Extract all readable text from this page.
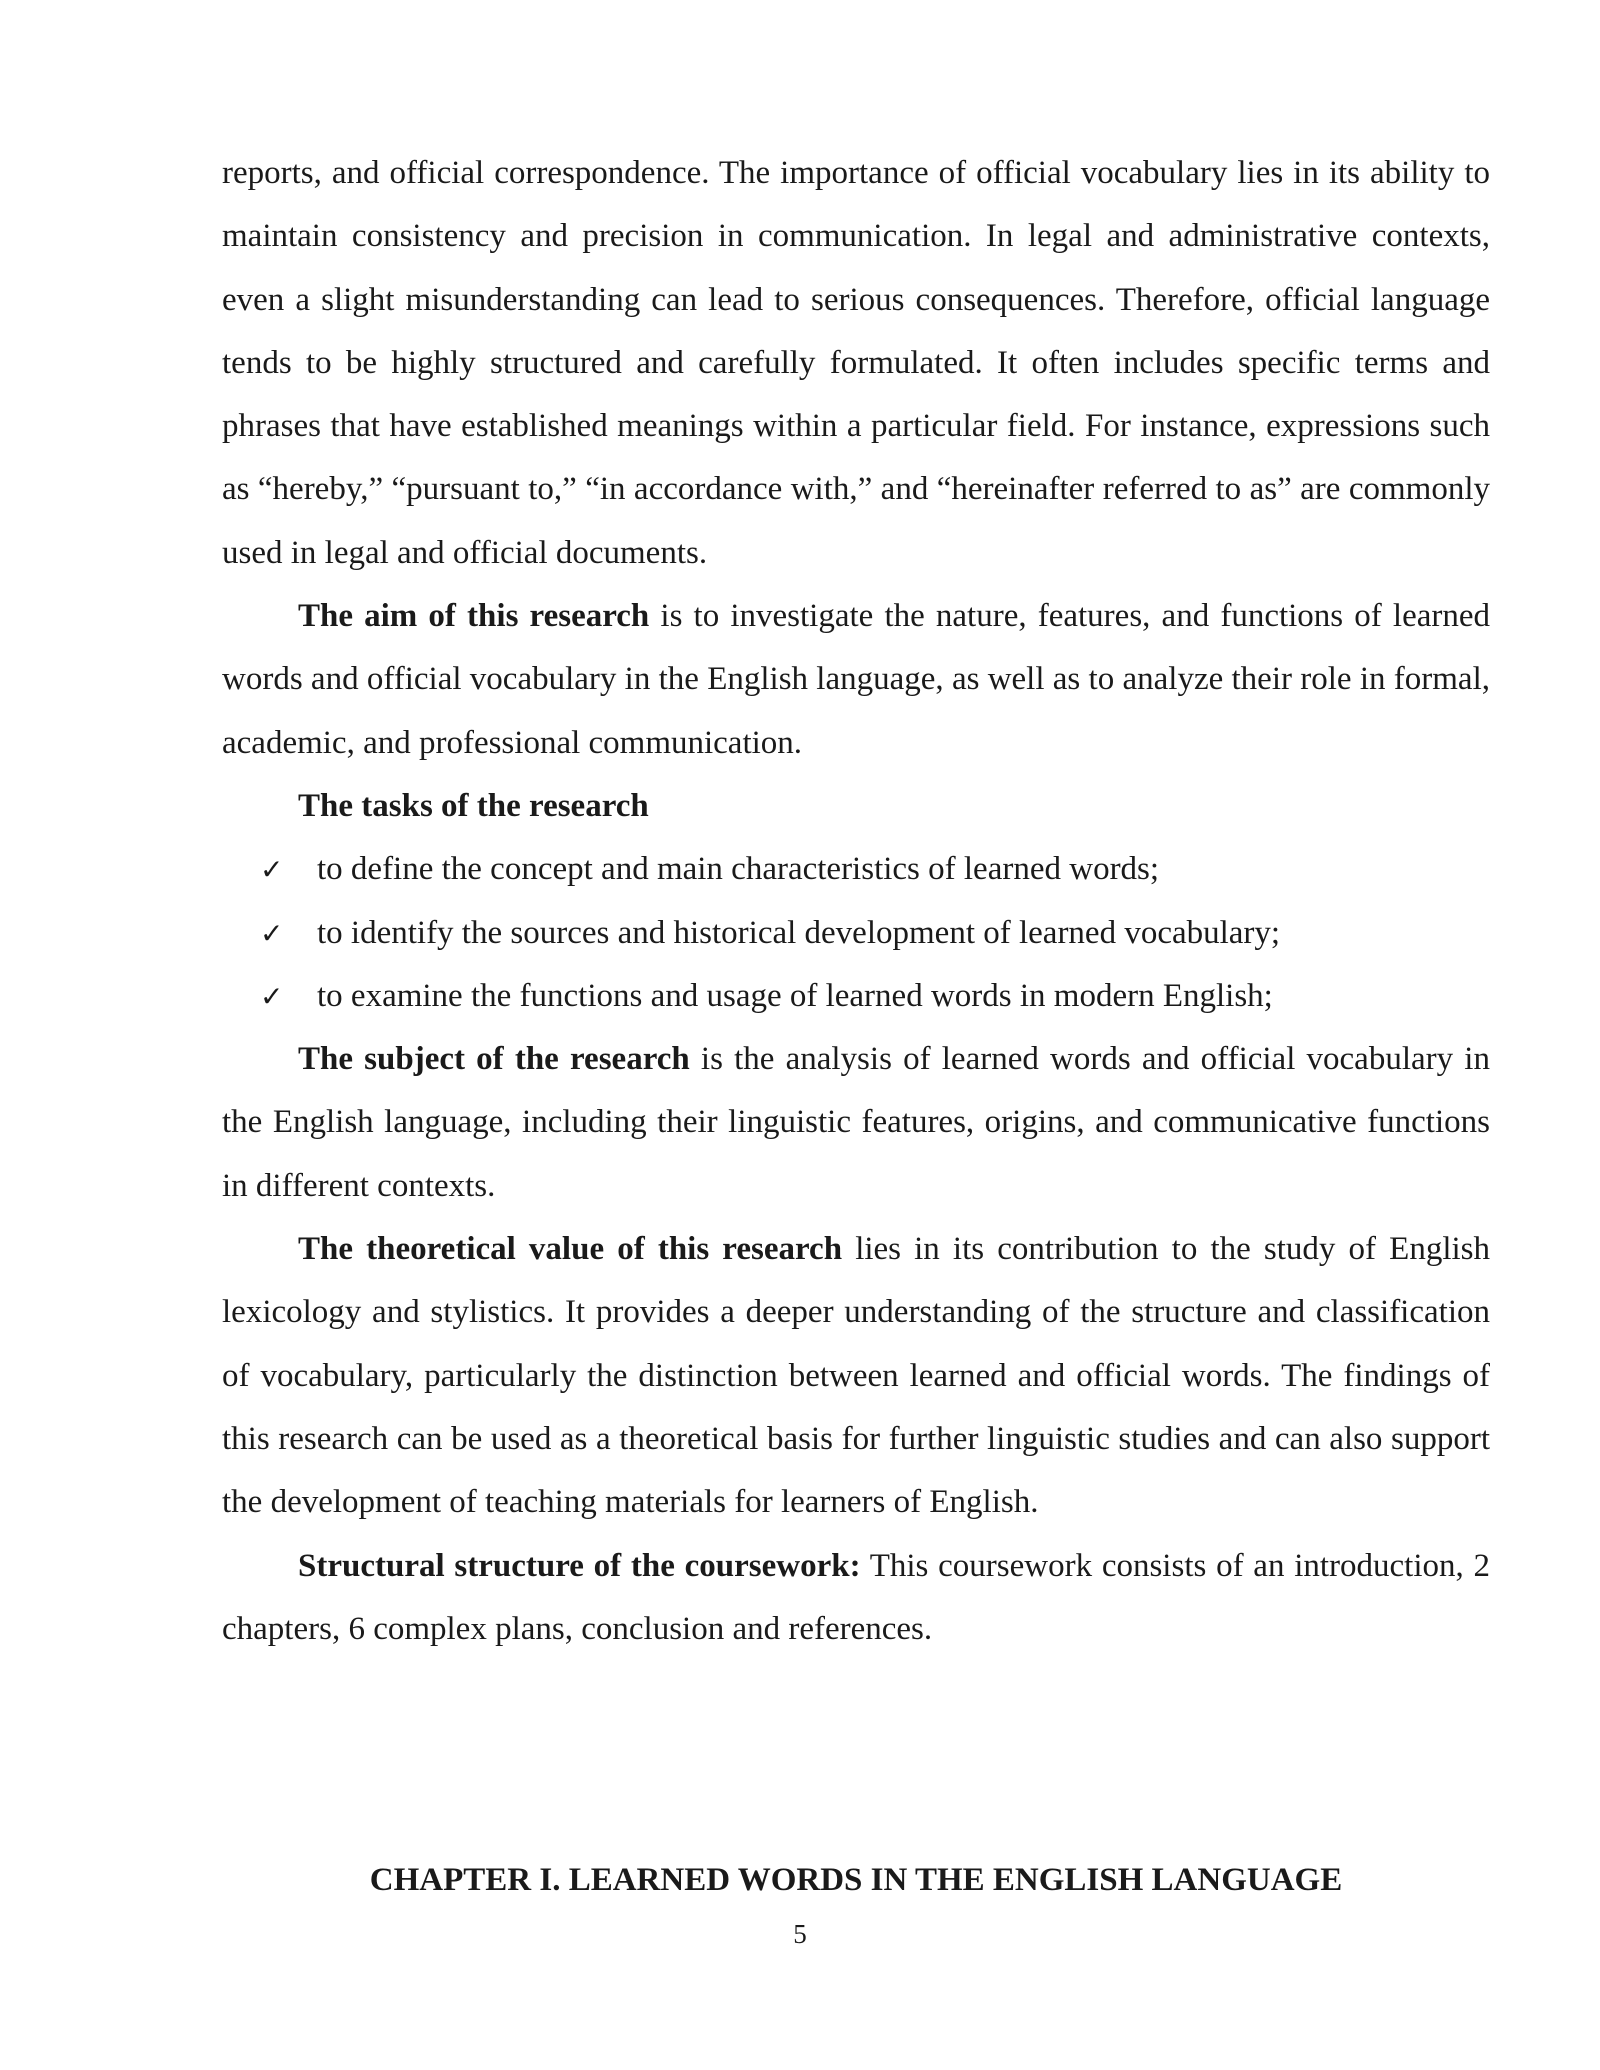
reports, and official correspondence. The importance of official vocabulary lies in its ability to maintain consistency and precision in communication. In legal and administrative contexts, even a slight misunderstanding can lead to serious consequences. Therefore, official language tends to be highly structured and carefully formulated. It often includes specific terms and phrases that have established meanings within a particular field. For instance, expressions such as “hereby,” “pursuant to,” “in accordance with,” and “hereinafter referred to as” are commonly used in legal and official documents.

The aim of this research is to investigate the nature, features, and functions of learned words and official vocabulary in the English language, as well as to analyze their role in formal, academic, and professional communication.

The tasks of the research

✓ to define the concept and main characteristics of learned words;
✓ to identify the sources and historical development of learned vocabulary;
✓ to examine the functions and usage of learned words in modern English;

The subject of the research is the analysis of learned words and official vocabulary in the English language, including their linguistic features, origins, and communicative functions in different contexts.

The theoretical value of this research lies in its contribution to the study of English lexicology and stylistics. It provides a deeper understanding of the structure and classification of vocabulary, particularly the distinction between learned and official words. The findings of this research can be used as a theoretical basis for further linguistic studies and can also support the development of teaching materials for learners of English.

Structural structure of the coursework: This coursework consists of an introduction, 2 chapters, 6 complex plans, conclusion and references.

CHAPTER I. LEARNED WORDS IN THE ENGLISH LANGUAGE
5
